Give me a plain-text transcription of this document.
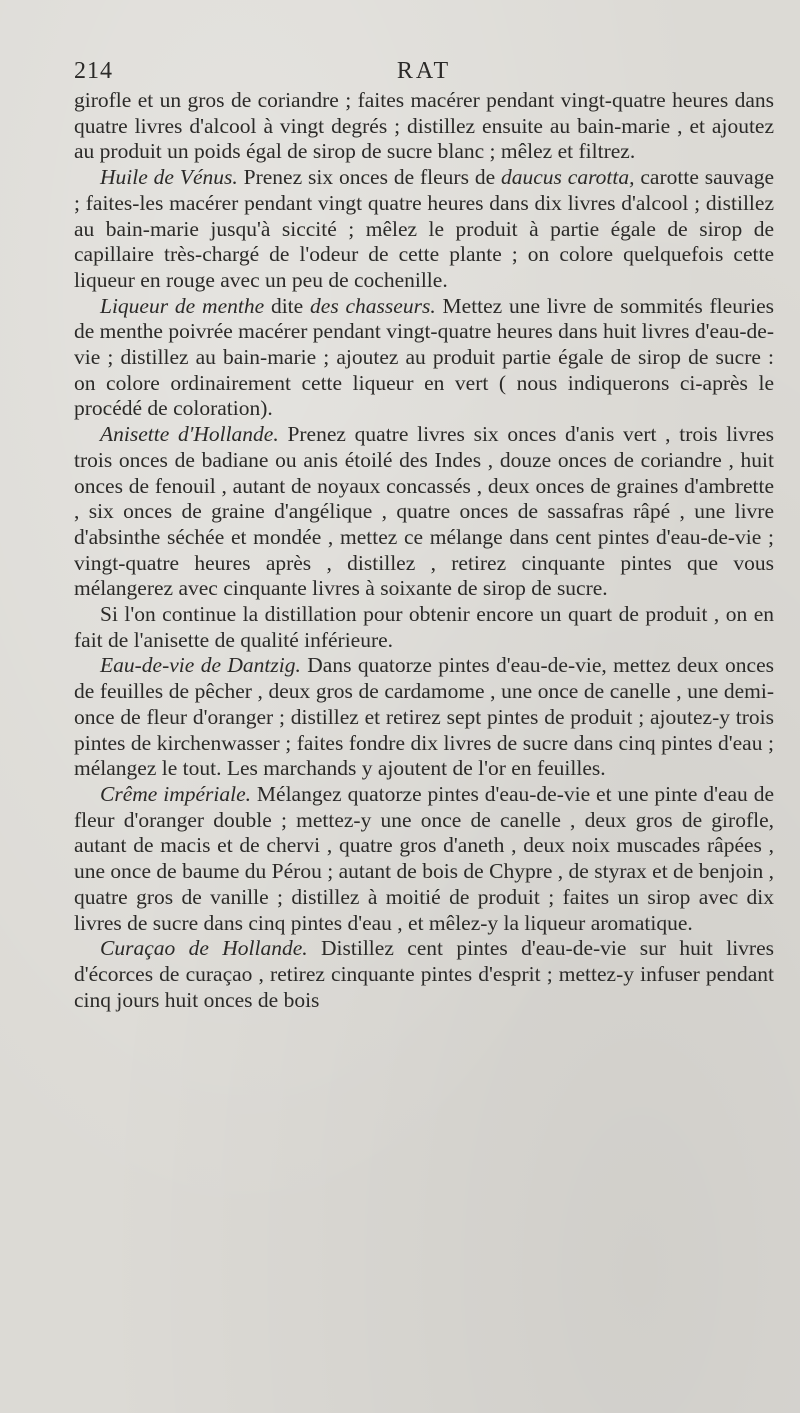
214	RAT

girofle et un gros de coriandre ; faites macérer pendant vingt-quatre heures dans quatre livres d'alcool à vingt degrés ; distillez ensuite au bain-marie , et ajoutez au produit un poids égal de sirop de sucre blanc ; mêlez et filtrez.

Huile de Vénus. Prenez six onces de fleurs de daucus carotta, carotte sauvage ; faites-les macérer pendant vingt quatre heures dans dix livres d'alcool ; distillez au bain-marie jusqu'à siccité ; mêlez le produit à partie égale de sirop de capillaire très-chargé de l'odeur de cette plante ; on colore quelquefois cette liqueur en rouge avec un peu de cochenille.

Liqueur de menthe dite des chasseurs. Mettez une livre de sommités fleuries de menthe poivrée macérer pendant vingt-quatre heures dans huit livres d'eau-de-vie ; distillez au bain-marie ; ajoutez au produit partie égale de sirop de sucre : on colore ordinairement cette liqueur en vert ( nous indiquerons ci-après le procédé de coloration).

Anisette d'Hollande. Prenez quatre livres six onces d'anis vert , trois livres trois onces de badiane ou anis étoilé des Indes , douze onces de coriandre , huit onces de fenouil , autant de noyaux concassés , deux onces de graines d'ambrette , six onces de graine d'angélique , quatre onces de sassafras râpé , une livre d'absinthe séchée et mondée , mettez ce mélange dans cent pintes d'eau-de-vie ; vingt-quatre heures après , distillez , retirez cinquante pintes que vous mélangerez avec cinquante livres à soixante de sirop de sucre.

Si l'on continue la distillation pour obtenir encore un quart de produit , on en fait de l'anisette de qualité inférieure.

Eau-de-vie de Dantzig. Dans quatorze pintes d'eau-de-vie, mettez deux onces de feuilles de pêcher , deux gros de cardamome , une once de canelle , une demi-once de fleur d'oranger ; distillez et retirez sept pintes de produit ; ajoutez-y trois pintes de kirchenwasser ; faites fondre dix livres de sucre dans cinq pintes d'eau ; mélangez le tout. Les marchands y ajoutent de l'or en feuilles.

Crême impériale. Mélangez quatorze pintes d'eau-de-vie et une pinte d'eau de fleur d'oranger double ; mettez-y une once de canelle , deux gros de girofle, autant de macis et de chervi , quatre gros d'aneth , deux noix muscades râpées , une once de baume du Pérou ; autant de bois de Chypre , de styrax et de benjoin , quatre gros de vanille ; distillez à moitié de produit ; faites un sirop avec dix livres de sucre dans cinq pintes d'eau , et mêlez-y la liqueur aromatique.

Curaçao de Hollande. Distillez cent pintes d'eau-de-vie sur huit livres d'écorces de curaçao , retirez cinquante pintes d'esprit ; mettez-y infuser pendant cinq jours huit onces de bois
